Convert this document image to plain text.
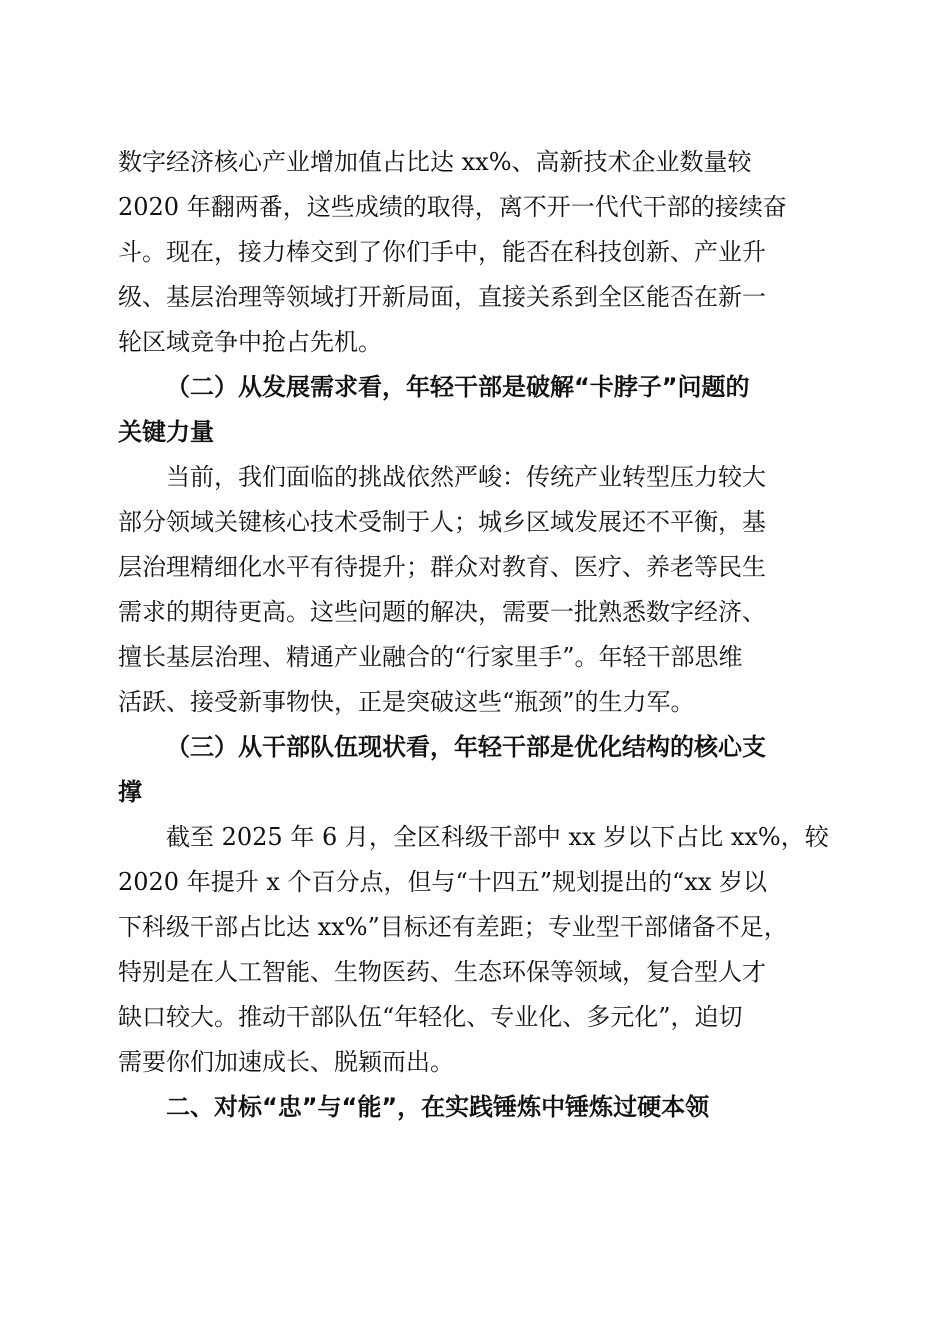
数字经济核心产业增加值占比达 xx%、高新技术企业数量较
2020 年翻两番，这些成绩的取得，离不开一代代干部的接续奋
斗。现在，接力棒交到了你们手中，能否在科技创新、产业升
级、基层治理等领域打开新局面，直接关系到全区能否在新一
轮区域竞争中抢占先机。
（二）从发展需求看，年轻干部是破解“卡脖子”问题的
关键力量
当前，我们面临的挑战依然严峻：传统产业转型压力较大
部分领域关键核心技术受制于人；城乡区域发展还不平衡，基
层治理精细化水平有待提升；群众对教育、医疗、养老等民生
需求的期待更高。这些问题的解决，需要一批熟悉数字经济、
擅长基层治理、精通产业融合的“行家里手”。年轻干部思维
活跃、接受新事物快，正是突破这些“瓶颈”的生力军。
（三）从干部队伍现状看，年轻干部是优化结构的核心支
撑
截至 2025 年 6 月，全区科级干部中 xx 岁以下占比 xx%，较
2020 年提升 x 个百分点，但与“十四五”规划提出的“xx 岁以
下科级干部占比达 xx%”目标还有差距；专业型干部储备不足，
特别是在人工智能、生物医药、生态环保等领域，复合型人才
缺口较大。推动干部队伍“年轻化、专业化、多元化”，迫切
需要你们加速成长、脱颖而出。
二、对标“忠”与“能”，在实践锤炼中锤炼过硬本领
